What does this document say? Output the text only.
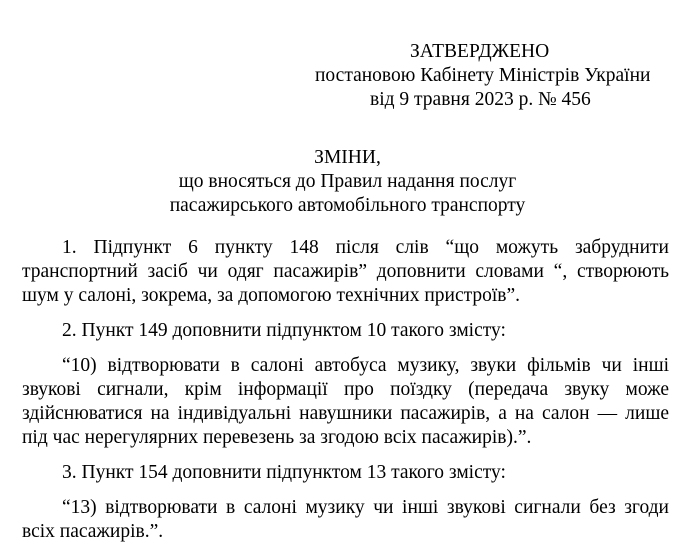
ЗАТВЕРДЖЕНО
постановою Кабінету Міністрів України
від 9 травня 2023 р. № 456
ЗМІНИ,
що вносяться до Правил надання послуг
пасажирського автомобільного транспорту

1. Підпункт 6 пункту 148 після слів “що можуть забруднити транспортний засіб чи одяг пасажирів” доповнити словами “, створюють шум у салоні, зокрема, за допомогою технічних пристроїв”.

2. Пункт 149 доповнити підпунктом 10 такого змісту:

“10) відтворювати в салоні автобуса музику, звуки фільмів чи інші звукові сигнали, крім інформації про поїздку (передача звуку може здійснюватися на індивідуальні навушники пасажирів, а на салон — лише під час нерегулярних перевезень за згодою всіх пасажирів).”.

3. Пункт 154 доповнити підпунктом 13 такого змісту:

“13) відтворювати в салоні музику чи інші звукові сигнали без згоди всіх пасажирів.”.
